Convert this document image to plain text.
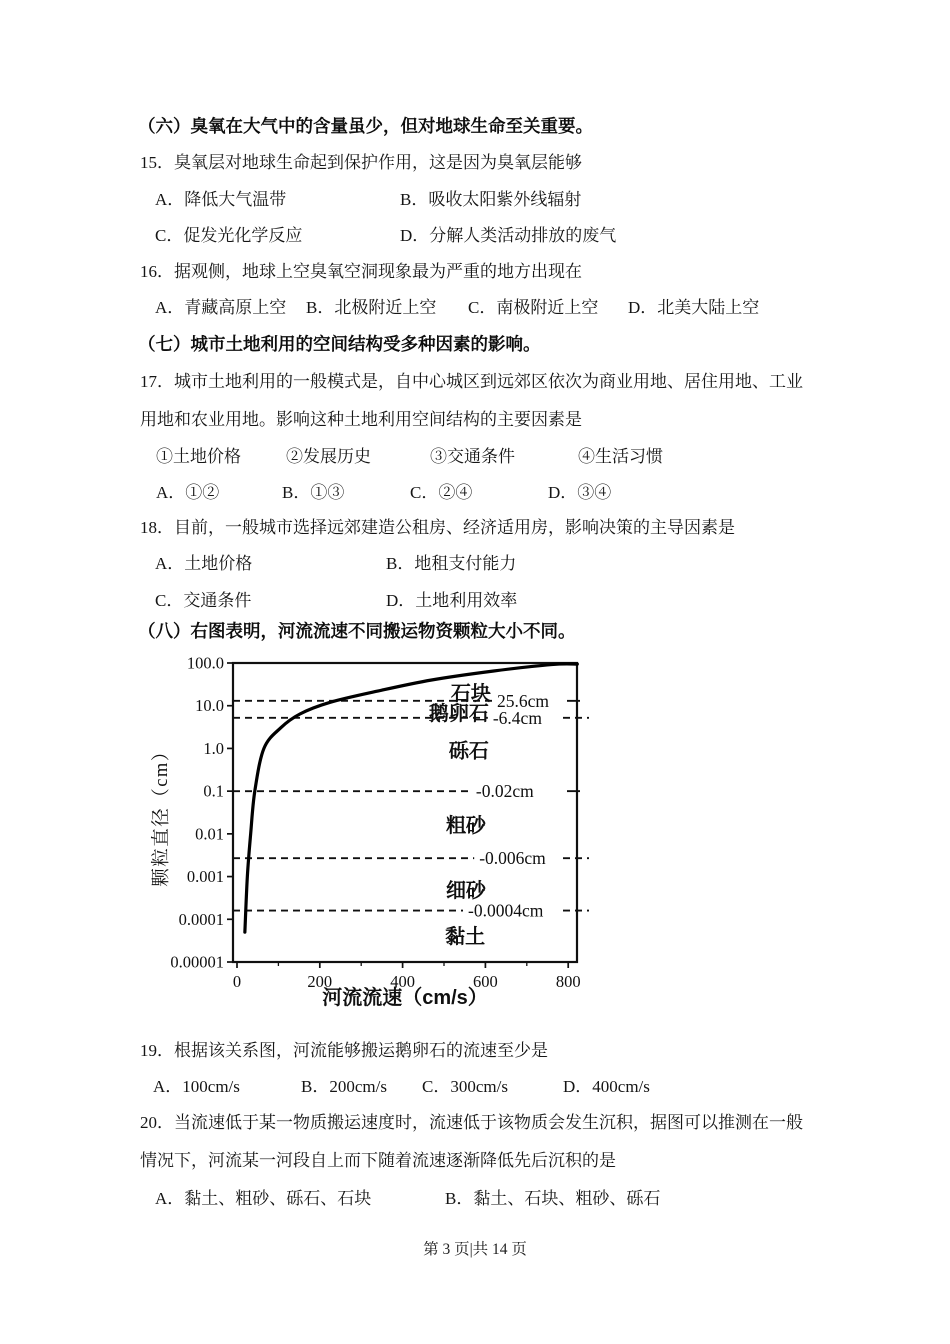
（六）臭氧在大气中的含量虽少，但对地球生命至关重要。
15．臭氧层对地球生命起到保护作用，这是因为臭氧层能够
A．降低大气温带	B．吸收太阳紫外线辐射
C．促发光化学反应	D．分解人类活动排放的废气
16．据观侧，地球上空臭氧空洞现象最为严重的地方出现在
A．青藏高原上空 B．北极附近上空 C．南极附近上空 D．北美大陆上空
（七）城市土地利用的空间结构受多种因素的影响。
17．城市土地利用的一般模式是，自中心城区到远郊区依次为商业用地、居住用地、工业
用地和农业用地。影响这种土地利用空间结构的主要因素是
①土地价格	②发展历史	③交通条件	④生活习惯
A．①②	B．①③	C．②④	D．③④
18．目前，一般城市选择远郊建造公租房、经济适用房，影响决策的主导因素是
A．土地价格	B．地租支付能力
C．交通条件	D．土地利用效率
（八）右图表明，河流流速不同搬运物资颗粒大小不同。
100.0
10.0
1.0
0.1
0.01
0.001
0.0001
0.00001
0	200	400	600	800
25.6cm
-6.4cm
-0.02cm
-0.006cm
-0.0004cm
石块
鹅卵石
砾石
粗砂
细砂
黏土
河流流速（cm/s）
颗粒直径（cm）
19．根据该关系图，河流能够搬运鹅卵石的流速至少是
A．100cm/s	B．200cm/s C．300cm/s	D．400cm/s
20．当流速低于某一物质搬运速度时，流速低于该物质会发生沉积，据图可以推测在一般
情况下，河流某一河段自上而下随着流速逐渐降低先后沉积的是
A．黏土、粗砂、砾石、石块	B．黏土、石块、粗砂、砾石
第 3 页|共 14 页
